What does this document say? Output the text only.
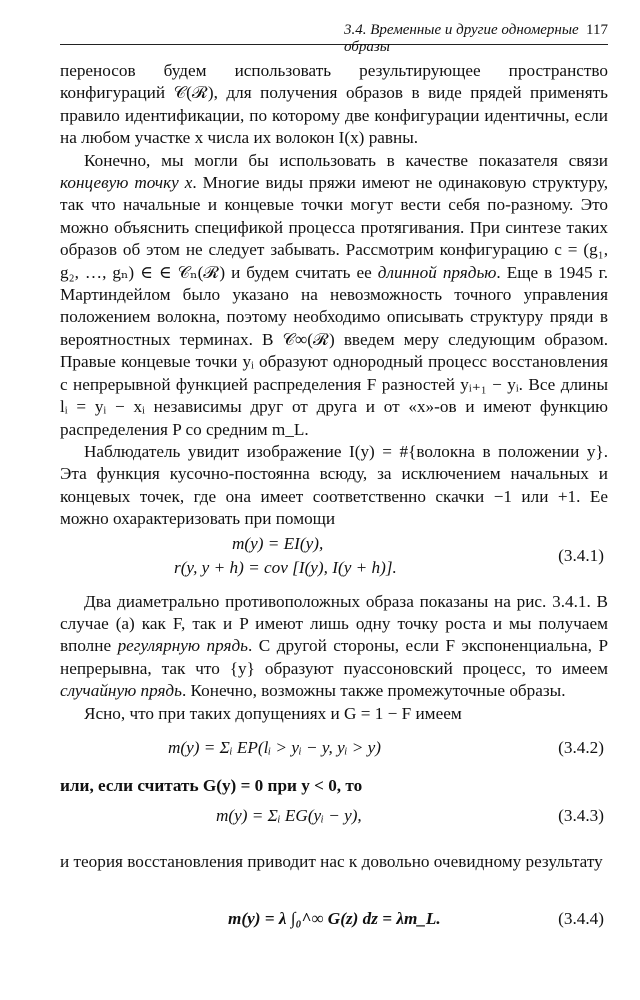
3.4. Временные и другие одномерные образы
117

переносов будем использовать результирующее пространство конфигураций 𝒞(ℛ), для получения образов в виде прядей применять правило идентификации, по которому две конфигурации идентичны, если на любом участке x числа их волокон I(x) равны.

Конечно, мы могли бы использовать в качестве показателя связи концевую точку x. Многие виды пряжи имеют не одинаковую структуру, так что начальные и концевые точки могут вести себя по-разному. Это можно объяснить спецификой процесса протягивания. При синтезе таких образов об этом не следует забывать. Рассмотрим конфигурацию c = (g₁, g₂, …, gₙ) ∈ ∈ 𝒞ₙ(ℛ) и будем считать ее длинной прядью. Еще в 1945 г. Мартиндейлом было указано на невозможность точного управления положением волокна, поэтому необходимо описывать структуру пряди в вероятностных терминах. В 𝒞∞(ℛ) введем меру следующим образом. Правые концевые точки yᵢ образуют однородный процесс восстановления с непрерывной функцией распределения F разностей yᵢ₊₁ − yᵢ. Все длины lᵢ = yᵢ − xᵢ независимы друг от друга и от «x»-ов и имеют функцию распределения P со средним m_L.

Наблюдатель увидит изображение I(y) = #{волокна в положении y}. Эта функция кусочно-постоянна всюду, за исключением начальных и концевых точек, где она имеет соответственно скачки −1 или +1. Ее можно охарактеризовать при помощи

m(y) = EI(y),
r(y, y + h) = cov [I(y), I(y + h)].
(3.4.1)

Два диаметрально противоположных образа показаны на рис. 3.4.1. В случае (a) как F, так и P имеют лишь одну точку роста и мы получаем вполне регулярную прядь. С другой стороны, если F экспоненциальна, P непрерывна, так что {y} образуют пуассоновский процесс, то имеем случайную прядь. Конечно, возможны также промежуточные образы.

Ясно, что при таких допущениях и G = 1 − F имеем

m(y) = Σᵢ EP(lᵢ > yᵢ − y, yᵢ > y)	(3.4.2)

или, если считать G(y) = 0 при y < 0, то

m(y) = Σᵢ EG(yᵢ − y),	(3.4.3)

и теория восстановления приводит нас к довольно очевидному результату

m(y) = λ ∫₀^∞ G(z) dz = λm_L.	(3.4.4)
